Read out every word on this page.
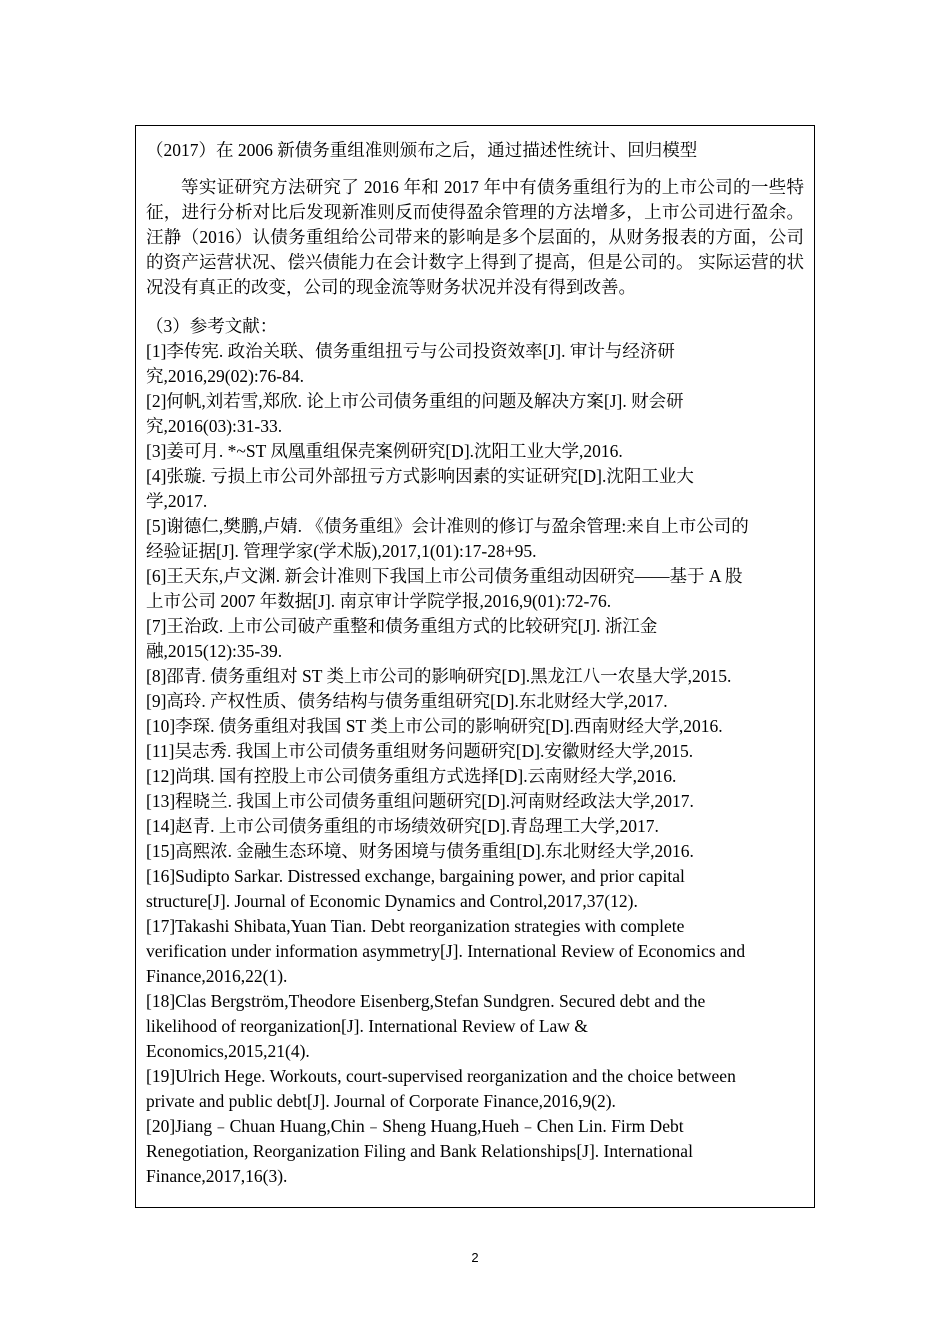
（2017）在 2006 新债务重组准则颁布之后，通过描述性统计、回归模型
等实证研究方法研究了 2016 年和 2017 年中有债务重组行为的上市公司的一些特征，进行分析对比后发现新准则反而使得盈余管理的方法增多，上市公司进行盈余。汪静（2016）认债务重组给公司带来的影响是多个层面的，从财务报表的方面，公司的资产运营状况、偿兴债能力在会计数字上得到了提高，但是公司的。 实际运营的状况没有真正的改变，公司的现金流等财务状况并没有得到改善。
（3）参考文献：
[1]李传宪. 政治关联、债务重组扭亏与公司投资效率[J]. 审计与经济研
究,2016,29(02):76-84.
[2]何帆,刘若雪,郑欣. 论上市公司债务重组的问题及解决方案[J]. 财会研
究,2016(03):31-33.
[3]姜可月. *~ST 凤凰重组保壳案例研究[D].沈阳工业大学,2016.
[4]张璇. 亏损上市公司外部扭亏方式影响因素的实证研究[D].沈阳工业大
学,2017.
[5]谢德仁,樊鹏,卢婧. 《债务重组》会计准则的修订与盈余管理:来自上市公司的
经验证据[J]. 管理学家(学术版),2017,1(01):17-28+95.
[6]王天东,卢文渊. 新会计准则下我国上市公司债务重组动因研究——基于 A 股
上市公司 2007 年数据[J]. 南京审计学院学报,2016,9(01):72-76.
[7]王治政. 上市公司破产重整和债务重组方式的比较研究[J]. 浙江金
融,2015(12):35-39.
[8]邵青. 债务重组对 ST 类上市公司的影响研究[D].黑龙江八一农垦大学,2015.
[9]高玲. 产权性质、债务结构与债务重组研究[D].东北财经大学,2017.
[10]李琛. 债务重组对我国 ST 类上市公司的影响研究[D].西南财经大学,2016.
[11]吴志秀. 我国上市公司债务重组财务问题研究[D].安徽财经大学,2015.
[12]尚琪. 国有控股上市公司债务重组方式选择[D].云南财经大学,2016.
[13]程晓兰. 我国上市公司债务重组问题研究[D].河南财经政法大学,2017.
[14]赵青. 上市公司债务重组的市场绩效研究[D].青岛理工大学,2017.
[15]高熙浓. 金融生态环境、财务困境与债务重组[D].东北财经大学,2016.
[16]Sudipto Sarkar. Distressed exchange, bargaining power, and prior capital
structure[J]. Journal of Economic Dynamics and Control,2017,37(12).
[17]Takashi Shibata,Yuan Tian. Debt reorganization strategies with complete
verification under information asymmetry[J]. International Review of Economics and
Finance,2016,22(1).
[18]Clas Bergström,Theodore Eisenberg,Stefan Sundgren. Secured debt and the
likelihood of reorganization[J]. International Review of Law &
Economics,2015,21(4).
[19]Ulrich Hege. Workouts, court-supervised reorganization and the choice between
private and public debt[J]. Journal of Corporate Finance,2016,9(2).
[20]Jiang﹣Chuan Huang,Chin﹣Sheng Huang,Hueh﹣Chen Lin. Firm Debt
Renegotiation, Reorganization Filing and Bank Relationships[J]. International
Finance,2017,16(3).
2
